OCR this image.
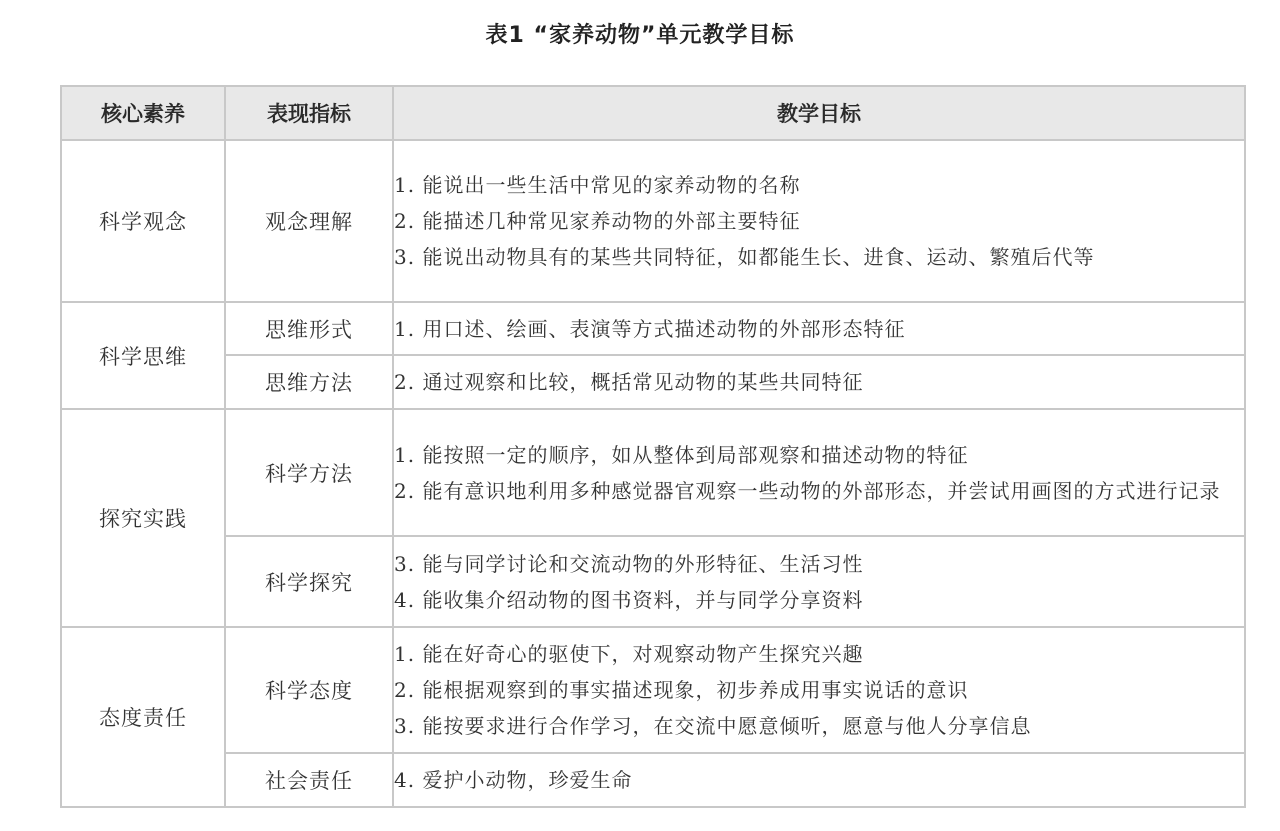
表1 “家养动物”单元教学目标
核心素养	表现指标	教学目标
科学观念	观念理解	1. 能说出一些生活中常见的家养动物的名称
2. 能描述几种常见家养动物的外部主要特征
3. 能说出动物具有的某些共同特征，如都能生长、进食、运动、繁殖后代等

科学思维	思维形式	1. 用口述、绘画、表演等方式描述动物的外部形态特征

	思维方法	2. 通过观察和比较，概括常见动物的某些共同特征

探究实践	科学方法	1. 能按照一定的顺序，如从整体到局部观察和描述动物的特征
2. 能有意识地利用多种感觉器官观察一些动物的外部形态，并尝试用画图的方式进行记录

	科学探究	3. 能与同学讨论和交流动物的外形特征、生活习性
4. 能收集介绍动物的图书资料，并与同学分享资料

态度责任	科学态度	1. 能在好奇心的驱使下，对观察动物产生探究兴趣
2. 能根据观察到的事实描述现象，初步养成用事实说话的意识
3. 能按要求进行合作学习，在交流中愿意倾听，愿意与他人分享信息

	社会责任	4. 爱护小动物，珍爱生命
